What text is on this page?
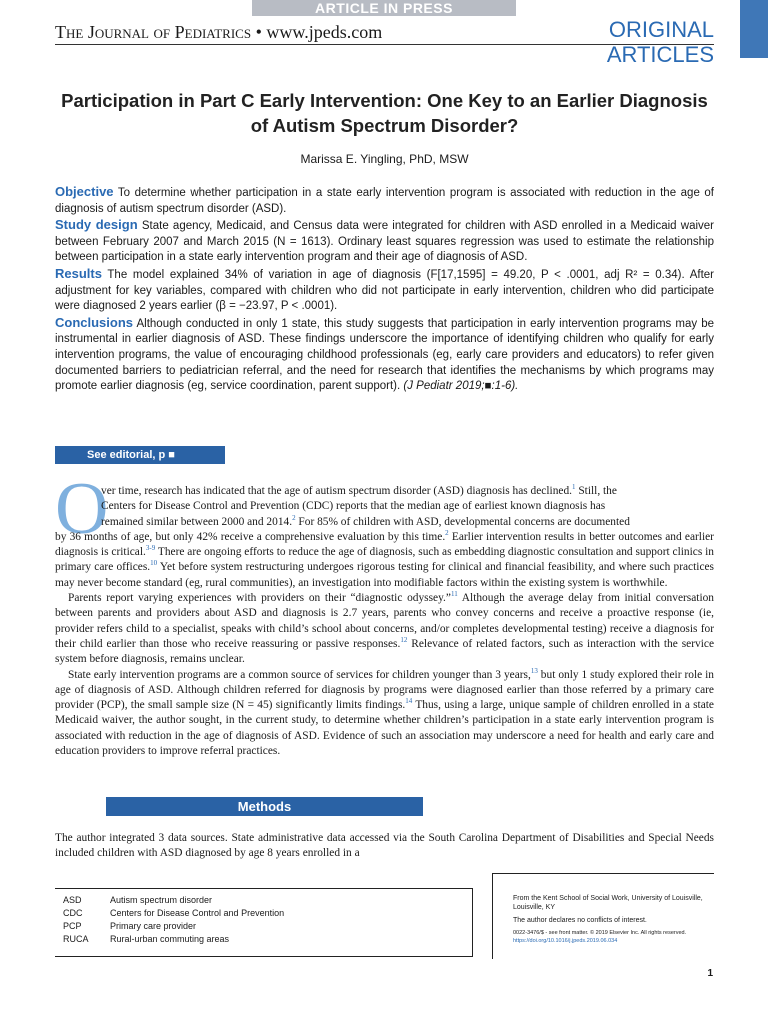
ARTICLE IN PRESS
The Journal of Pediatrics • www.jpeds.com	ORIGINAL
ARTICLES
Participation in Part C Early Intervention: One Key to an Earlier Diagnosis of Autism Spectrum Disorder?
Marissa E. Yingling, PhD, MSW

Objective To determine whether participation in a state early intervention program is associated with reduction in the age of diagnosis of autism spectrum disorder (ASD).

Study design State agency, Medicaid, and Census data were integrated for children with ASD enrolled in a Medicaid waiver between February 2007 and March 2015 (N = 1613). Ordinary least squares regression was used to estimate the relationship between participation in a state early intervention program and their age of diagnosis of ASD.

Results The model explained 34% of variation in age of diagnosis (F[17,1595] = 49.20, P < .0001, adj R² = 0.34). After adjustment for key variables, compared with children who did not participate in early intervention, children who did participate were diagnosed 2 years earlier (β = −23.97, P < .0001).

Conclusions Although conducted in only 1 state, this study suggests that participation in early intervention programs may be instrumental in earlier diagnosis of ASD. These findings underscore the importance of identifying children who qualify for early intervention programs, the value of encouraging childhood professionals (eg, early care providers and educators) to refer given documented barriers to pediatrician referral, and the need for research that identifies the mechanisms by which programs may promote earlier diagnosis (eg, service coordination, parent support). (J Pediatr 2019;■:1-6).

See editorial, p ■
O

ver time, research has indicated that the age of autism spectrum disorder (ASD) diagnosis has declined.$^1$ Still, the
Centers for Disease Control and Prevention (CDC) reports that the median age of earliest known diagnosis has
remained similar between 2000 and 2014.$^2$ For 85% of children with ASD, developmental concerns are documented
by 36 months of age, but only 42% receive a comprehensive evaluation by this time.$^2$ Earlier intervention results in better outcomes and earlier diagnosis is critical.$^{3-9}$ There are ongoing efforts to reduce the age of diagnosis, such as embedding diagnostic consultation and support clinics in primary care offices.$^{10}$ Yet before system restructuring undergoes rigorous testing for clinical and financial feasibility, and where such practices may never become standard (eg, rural communities), an investigation into modifiable factors within the existing system is worthwhile.

Parents report varying experiences with providers on their “diagnostic odyssey.”$^{11}$ Although the average delay from initial conversation between parents and providers about ASD and diagnosis is 2.7 years, parents who convey concerns and receive a proactive response (ie, provider refers child to a specialist, speaks with child’s school about concerns, and/or completes developmental testing) receive a diagnosis for their child earlier than those who receive reassuring or passive responses.$^{12}$ Relevance of related factors, such as interaction with the service system before diagnosis, remains unclear.

State early intervention programs are a common source of services for children younger than 3 years,$^{13}$ but only 1 study explored their role in age of diagnosis of ASD. Although children referred for diagnosis by programs were diagnosed earlier than those referred by a primary care provider (PCP), the small sample size (N = 45) significantly limits findings.$^{14}$ Thus, using a large, unique sample of children enrolled in a state Medicaid waiver, the author sought, in the current study, to determine whether children’s participation in a state early intervention program is associated with reduction in the age of diagnosis of ASD. Evidence of such an association may underscore a need for health and early care and education providers to improve referral practices.

Methods
The author integrated 3 data sources. State administrative data accessed via the South Carolina Department of Disabilities and Special Needs included children with ASD diagnosed by age 8 years enrolled in a
ASD	Autism spectrum disorder
CDC	Centers for Disease Control and Prevention
PCP	Primary care provider
RUCA	Rural-urban commuting areas

From the Kent School of Social Work, University of Louisville, Louisville, KY

The author declares no conflicts of interest.

0022-3476/$ - see front matter. © 2019 Elsevier Inc. All rights reserved.

https://doi.org/10.1016/j.jpeds.2019.06.034

1
